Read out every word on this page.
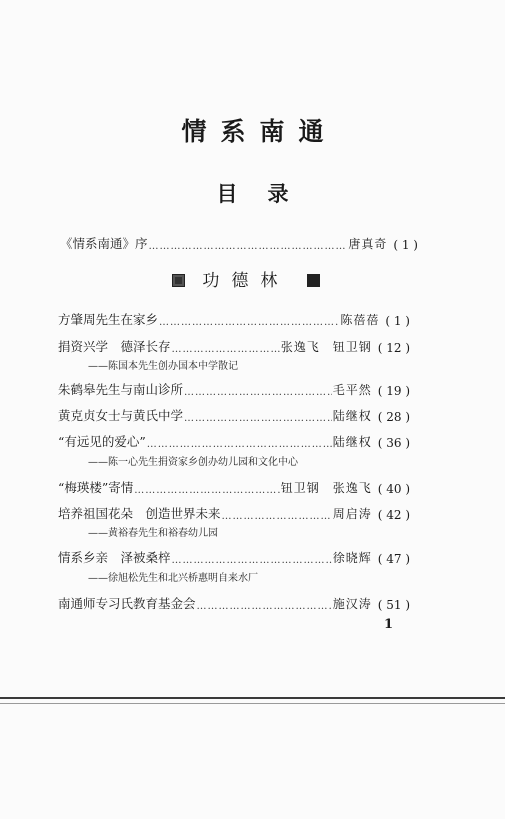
情系南通
目录
《情系南通》序 …………………………………………………………………………………………………………………………………	唐真奇 ( 1 )
功德林
方肇周先生在家乡 …………………………………………………………………………………………………………………………………	陈蓓蓓 ( 1 )
捐资兴学　德泽长存 …………………………………………………………………………………………………………………………………	张逸飞　钮卫钢 ( 12 )
——陈国本先生创办国本中学散记
朱鹤皋先生与南山诊所 …………………………………………………………………………………………………………………………………	毛平然 ( 19 )
黄克贞女士与黄氏中学 …………………………………………………………………………………………………………………………………	陆继权 ( 28 )
“有远见的爱心” …………………………………………………………………………………………………………………………………	陆继权 ( 36 )
——陈一心先生捐资家乡创办幼儿园和文化中心
“梅瑛楼”寄情 …………………………………………………………………………………………………………………………………	钮卫钢　张逸飞 ( 40 )
培养祖国花朵　创造世界未来 …………………………………………………………………………………………………………………………………	周启涛 ( 42 )
——黄裕春先生和裕春幼儿园
情系乡亲　泽被桑梓 …………………………………………………………………………………………………………………………………	徐晓辉 ( 47 )
——徐旭松先生和北兴桥惠明自来水厂
南通师专习氏教育基金会 …………………………………………………………………………………………………………………………………	施汉涛 ( 51 )
1
